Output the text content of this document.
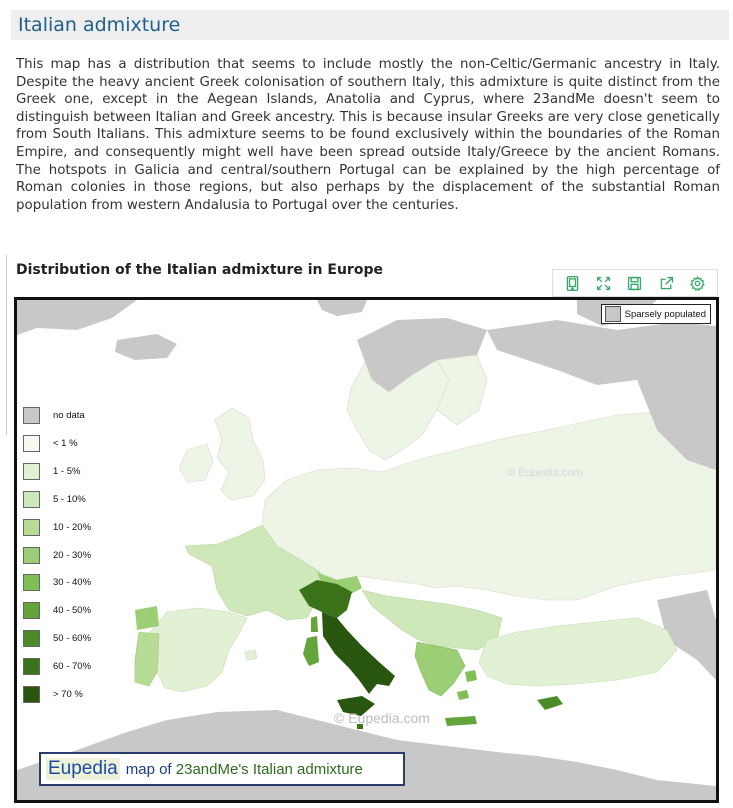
Italian admixture

This map has a distribution that seems to include mostly the non-Celtic/Germanic ancestry in Italy. Despite the heavy ancient Greek colonisation of southern Italy, this admixture is quite distinct from the Greek one, except in the Aegean Islands, Anatolia and Cyprus, where 23andMe doesn't seem to distinguish between Italian and Greek ancestry. This is because insular Greeks are very close genetically from South Italians. This admixture seems to be found exclusively within the boundaries of the Roman Empire, and consequently might well have been spread outside Italy/Greece by the ancient Romans. The hotspots in Galicia and central/southern Portugal can be explained by the high percentage of Roman colonies in those regions, but also perhaps by the displacement of the substantial Roman population from western Andalusia to Portugal over the centuries.

Distribution of the Italian admixture in Europe
Sparsely populated
no data
< 1 %
1 - 5%
5 - 10%
10 - 20%
20 - 30%
30 - 40%
40 - 50%
50 - 60%
60 - 70%
> 70 %
© Eupedia.com
© Eupedia.com
Eupedia map of 23andMe's Italian admixture
